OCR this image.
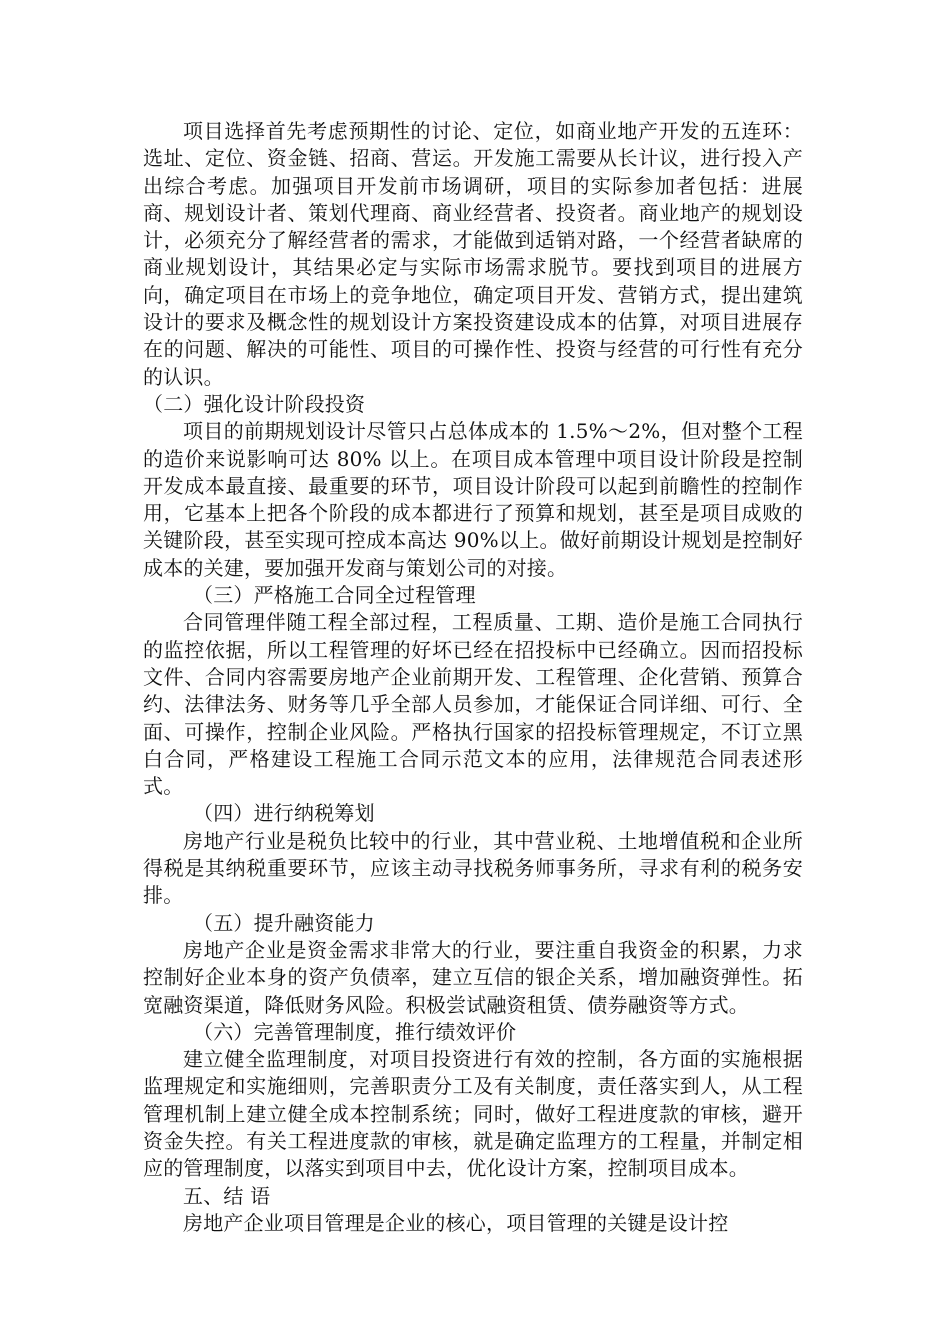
项目选择首先考虑预期性的讨论、定位，如商业地产开发的五连环：选址、定位、资金链、招商、营运。开发施工需要从长计议，进行投入产出综合考虑。加强项目开发前市场调研，项目的实际参加者包括：进展商、规划设计者、策划代理商、商业经营者、投资者。商业地产的规划设计，必须充分了解经营者的需求，才能做到适销对路，一个经营者缺席的商业规划设计，其结果必定与实际市场需求脱节。要找到项目的进展方向，确定项目在市场上的竞争地位，确定项目开发、营销方式，提出建筑设计的要求及概念性的规划设计方案投资建设成本的估算，对项目进展存在的问题、解决的可能性、项目的可操作性、投资与经营的可行性有充分的认识。

（二）强化设计阶段投资

项目的前期规划设计尽管只占总体成本的 1.5%～2%，但对整个工程的造价来说影响可达 80% 以上。在项目成本管理中项目设计阶段是控制开发成本最直接、最重要的环节，项目设计阶段可以起到前瞻性的控制作用，它基本上把各个阶段的成本都进行了预算和规划，甚至是项目成败的关键阶段，甚至实现可控成本高达 90%以上。做好前期设计规划是控制好成本的关建，要加强开发商与策划公司的对接。

（三）严格施工合同全过程管理

合同管理伴随工程全部过程，工程质量、工期、造价是施工合同执行的监控依据，所以工程管理的好坏已经在招投标中已经确立。因而招投标文件、合同内容需要房地产企业前期开发、工程管理、企化营销、预算合约、法律法务、财务等几乎全部人员参加，才能保证合同详细、可行、全面、可操作，控制企业风险。严格执行国家的招投标管理规定，不订立黑白合同，严格建设工程施工合同示范文本的应用，法律规范合同表述形式。

（四）进行纳税筹划

房地产行业是税负比较中的行业，其中营业税、土地增值税和企业所得税是其纳税重要环节，应该主动寻找税务师事务所，寻求有利的税务安排。

（五）提升融资能力

房地产企业是资金需求非常大的行业，要注重自我资金的积累，力求控制好企业本身的资产负债率，建立互信的银企关系，增加融资弹性。拓宽融资渠道，降低财务风险。积极尝试融资租赁、债券融资等方式。

（六）完善管理制度，推行绩效评价

建立健全监理制度，对项目投资进行有效的控制，各方面的实施根据监理规定和实施细则，完善职责分工及有关制度，责任落实到人，从工程管理机制上建立健全成本控制系统；同时，做好工程进度款的审核，避开资金失控。有关工程进度款的审核，就是确定监理方的工程量，并制定相应的管理制度，以落实到项目中去，优化设计方案，控制项目成本。

五、结 语

房地产企业项目管理是企业的核心，项目管理的关键是设计控
